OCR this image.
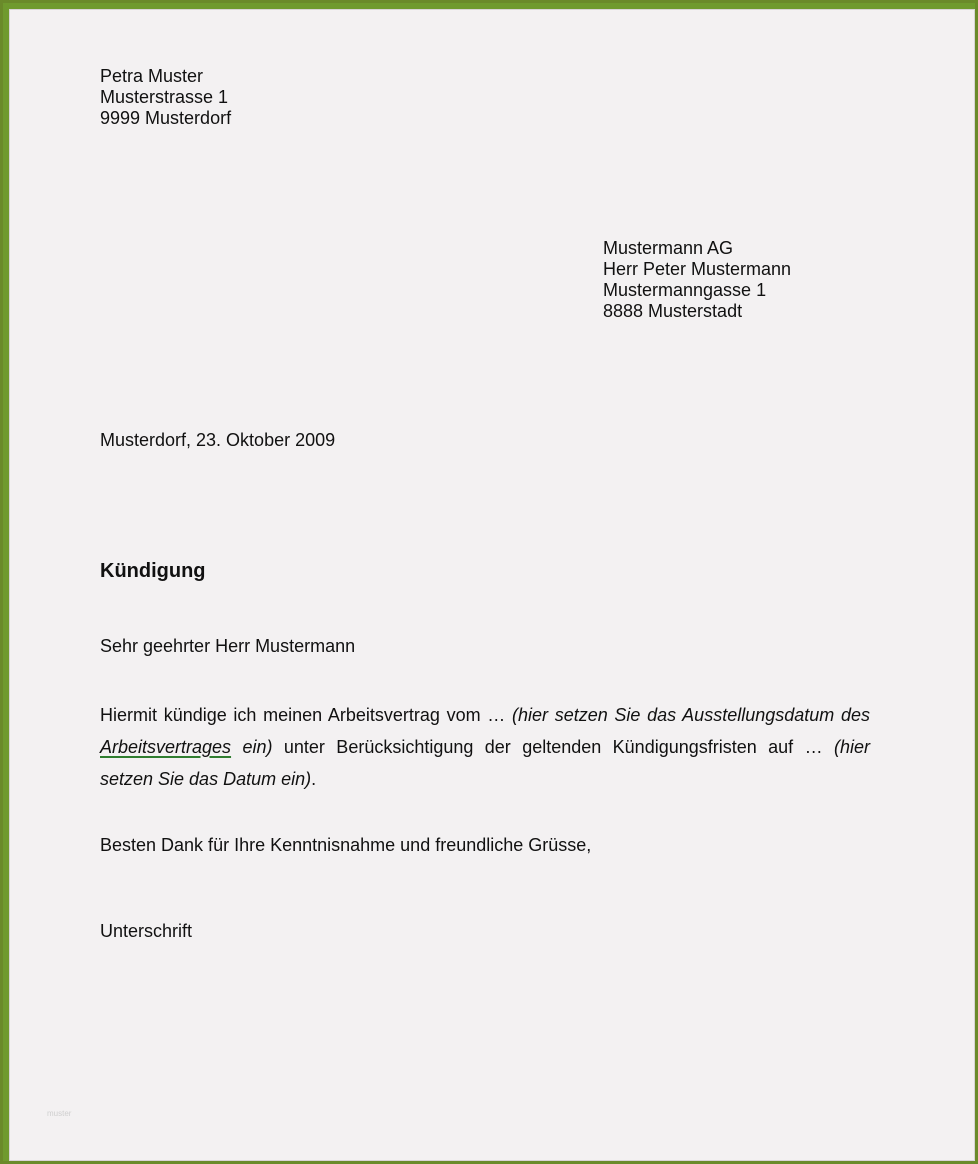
Petra Muster
Musterstrasse 1
9999 Musterdorf
Mustermann AG
Herr Peter Mustermann
Mustermanngasse 1
8888 Musterstadt
Musterdorf, 23. Oktober 2009
Kündigung
Sehr geehrter Herr Mustermann
Hiermit kündige ich meinen Arbeitsvertrag vom … (hier setzen Sie das Ausstellungsdatum des Arbeitsvertrages ein) unter Berücksichtigung der geltenden Kündigungsfristen auf … (hier setzen Sie das Datum ein).
Besten Dank für Ihre Kenntnisnahme und freundliche Grüsse,
Unterschrift
muster
